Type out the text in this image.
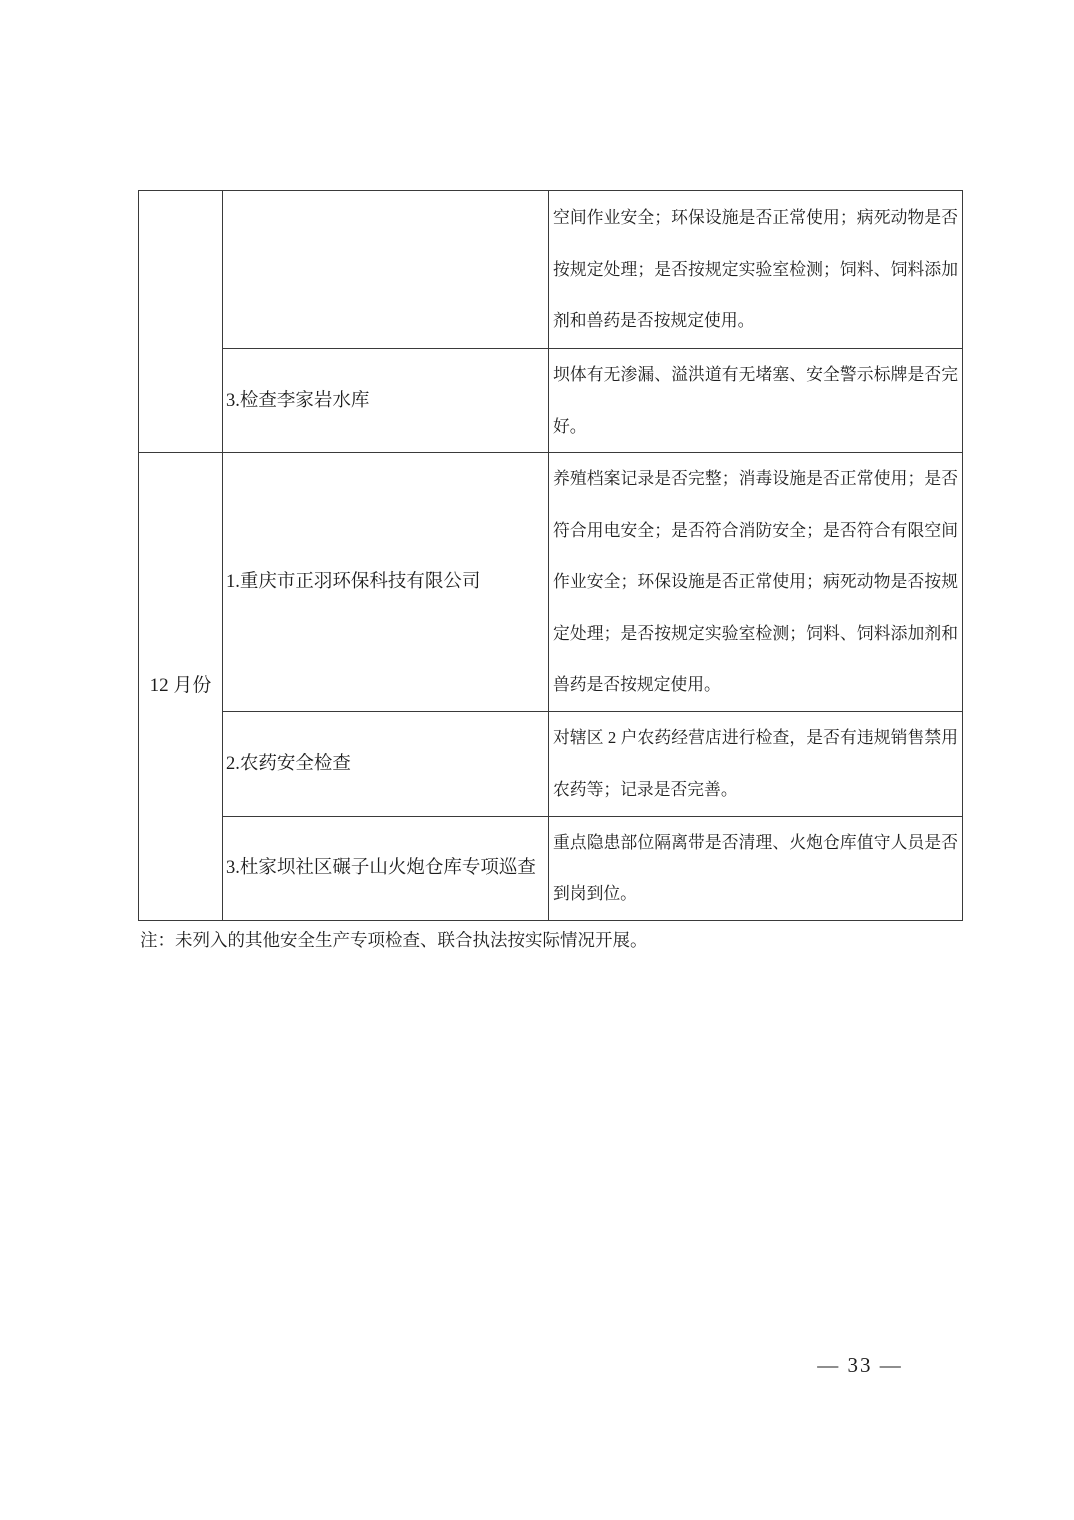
		空间作业安全；环保设施是否正常使用；病死动物是否按规定处理；是否按规定实验室检测；饲料、饲料添加剂和兽药是否按规定使用。
	3.检查李家岩水库	坝体有无渗漏、溢洪道有无堵塞、安全警示标牌是否完好。
12 月份	1.重庆市正羽环保科技有限公司	养殖档案记录是否完整；消毒设施是否正常使用；是否符合用电安全；是否符合消防安全；是否符合有限空间作业安全；环保设施是否正常使用；病死动物是否按规定处理；是否按规定实验室检测；饲料、饲料添加剂和兽药是否按规定使用。
	2.农药安全检查	对辖区 2 户农药经营店进行检查，是否有违规销售禁用农药等；记录是否完善。
	3.杜家坝社区碾子山火炮仓库专项巡查	重点隐患部位隔离带是否清理、火炮仓库值守人员是否到岗到位。
注：未列入的其他安全生产专项检查、联合执法按实际情况开展。
— 33 —
